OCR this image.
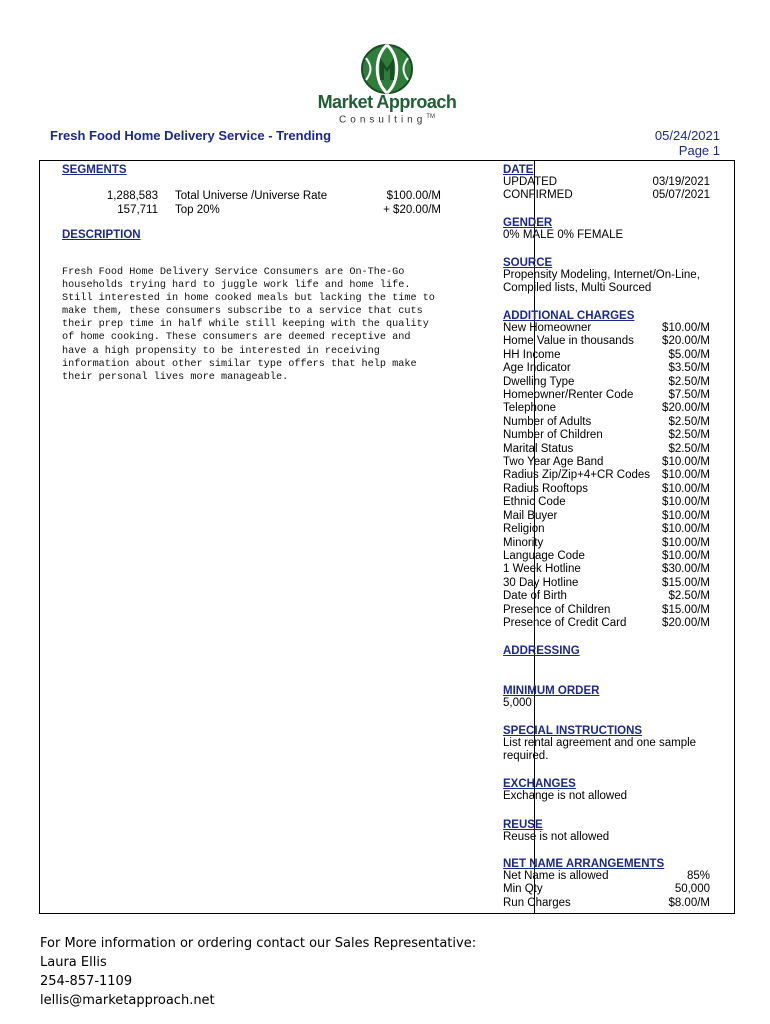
Market Approach
Consulting™
Fresh Food Home Delivery Service - Trending	05/24/2021
Page 1
SEGMENTS
1,288,583 Total Universe /Universe Rate	$100.00/M
157,711 Top 20%	+ $20.00/M
DESCRIPTION
Fresh Food Home Delivery Service Consumers are On-The-Go
households trying hard to juggle work life and home life.
Still interested in home cooked meals but lacking the time to
make them, these consumers subscribe to a service that cuts
their prep time in half while still keeping with the quality
of home cooking. These consumers are deemed receptive and
have a high propensity to be interested in receiving
information about other similar type offers that help make
their personal lives more manageable.
DATE
UPDATED	03/19/2021
CONFIRMED	05/07/2021
GENDER
0% MALE 0% FEMALE
SOURCE
Propensity Modeling, Internet/On-Line,
Compiled lists, Multi Sourced
ADDITIONAL CHARGES
New Homeowner	$10.00/M
Home Value in thousands $20.00/M
HH Income	$5.00/M
Age Indicator	$3.50/M
Dwelling Type	$2.50/M
Homeowner/Renter Code	$7.50/M
Telephone	$20.00/M
Number of Adults	$2.50/M
Number of Children	$2.50/M
Marital Status	$2.50/M
Two Year Age Band	$10.00/M
Radius Zip/Zip+4+CR Codes $10.00/M
Radius Rooftops	$10.00/M
Ethnic Code	$10.00/M
Mail Buyer	$10.00/M
Religion	$10.00/M
Minority	$10.00/M
Language Code	$10.00/M
1 Week Hotline	$30.00/M
30 Day Hotline	$15.00/M
Date of Birth	$2.50/M
Presence of Children	$15.00/M
Presence of Credit Card	$20.00/M
ADDRESSING
MINIMUM ORDER
5,000
SPECIAL INSTRUCTIONS
List rental agreement and one sample
required.
EXCHANGES
Exchange is not allowed
REUSE
Reuse is not allowed
NET NAME ARRANGEMENTS
Net Name is allowed	85%
Min Qty	50,000
Run Charges	$8.00/M
For More information or ordering contact our Sales Representative:
Laura Ellis
254-857-1109
lellis@marketapproach.net
